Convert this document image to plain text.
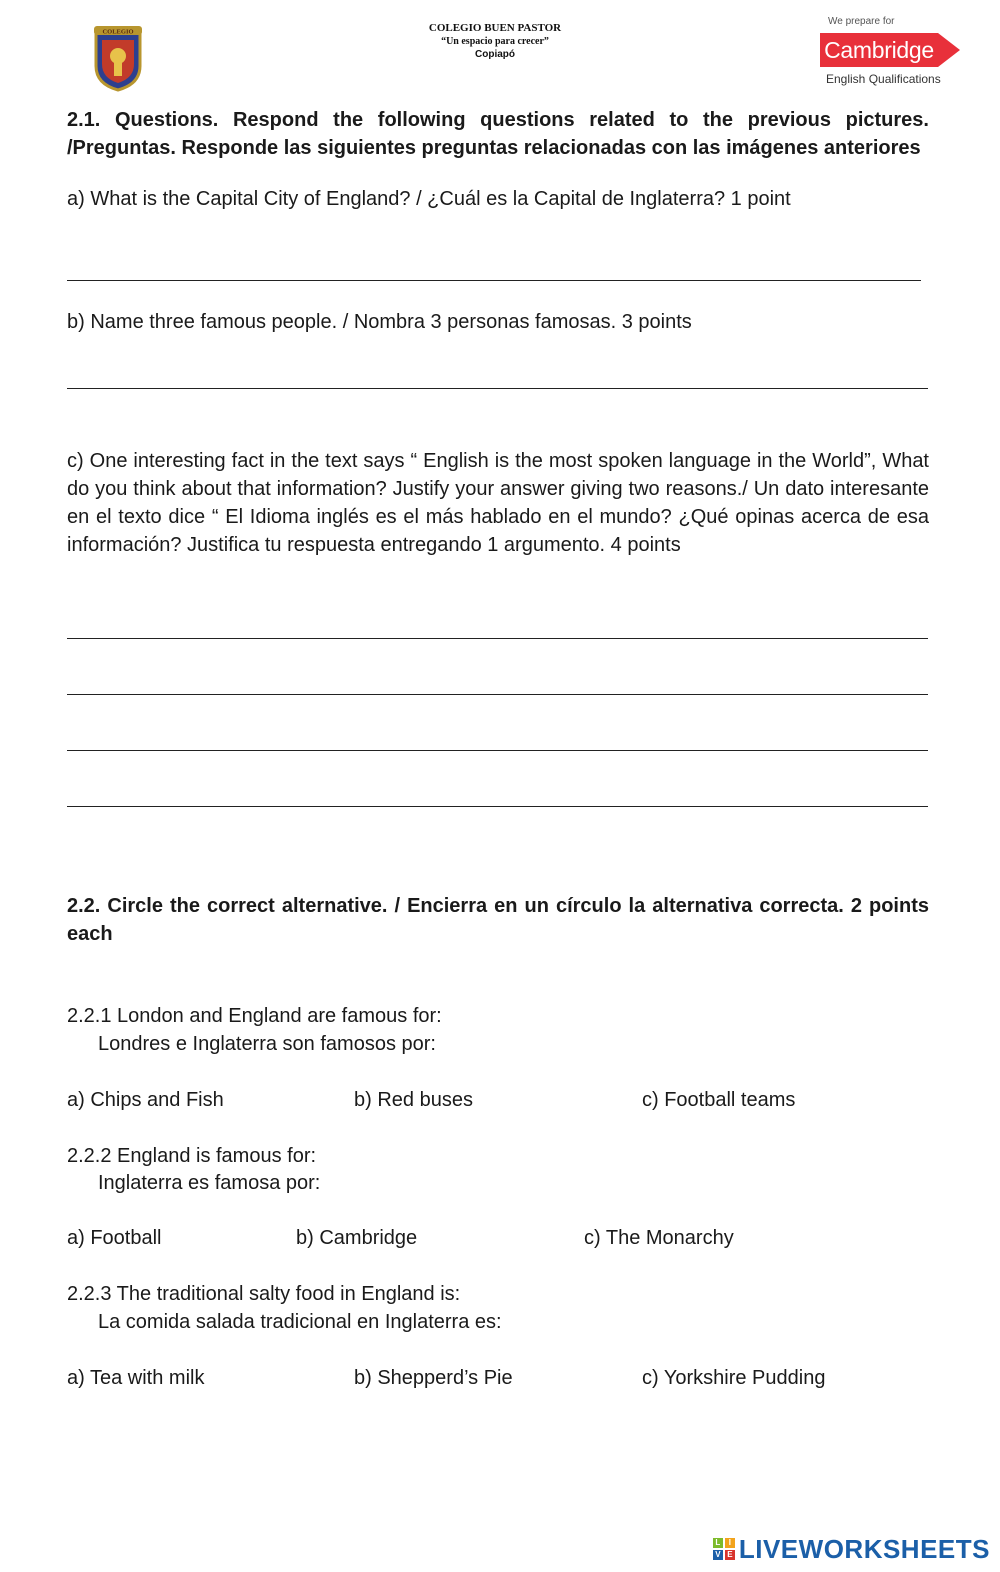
COLEGIO	COLEGIO BUEN PASTOR
“Un espacio para crecer”
Copiapó
We prepare for
Cambridge
English Qualifications
2.1. Questions. Respond the following questions related to the previous pictures. /Preguntas. Responde las siguientes preguntas relacionadas con las imágenes anteriores
a) What is the Capital City of England? / ¿Cuál es la Capital de Inglaterra? 1 point
b) Name three famous people. / Nombra 3 personas famosas. 3 points
c) One interesting fact in the text says “ English is the most spoken language in the World”, What do you think about that information? Justify your answer giving two reasons./ Un dato interesante en el texto dice “ El Idioma inglés es el más hablado en el mundo? ¿Qué opinas acerca de esa información? Justifica tu respuesta entregando 1 argumento. 4 points
2.2. Circle the correct alternative. / Encierra en un círculo la alternativa correcta. 2 points each
2.2.1 London and England are famous for:
Londres e Inglaterra son famosos por:
a) Chips and Fish	b) Red buses	c) Football teams
2.2.2 England is famous for:
Inglaterra es famosa por:
a) Football	b) Cambridge	c) The Monarchy
2.2.3 The traditional salty food in England is:
La comida salada tradicional en Inglaterra es:
a) Tea with milk	b) Shepperd’s Pie	c) Yorkshire Pudding
L	I
V E LIVEWORKSHEETS
